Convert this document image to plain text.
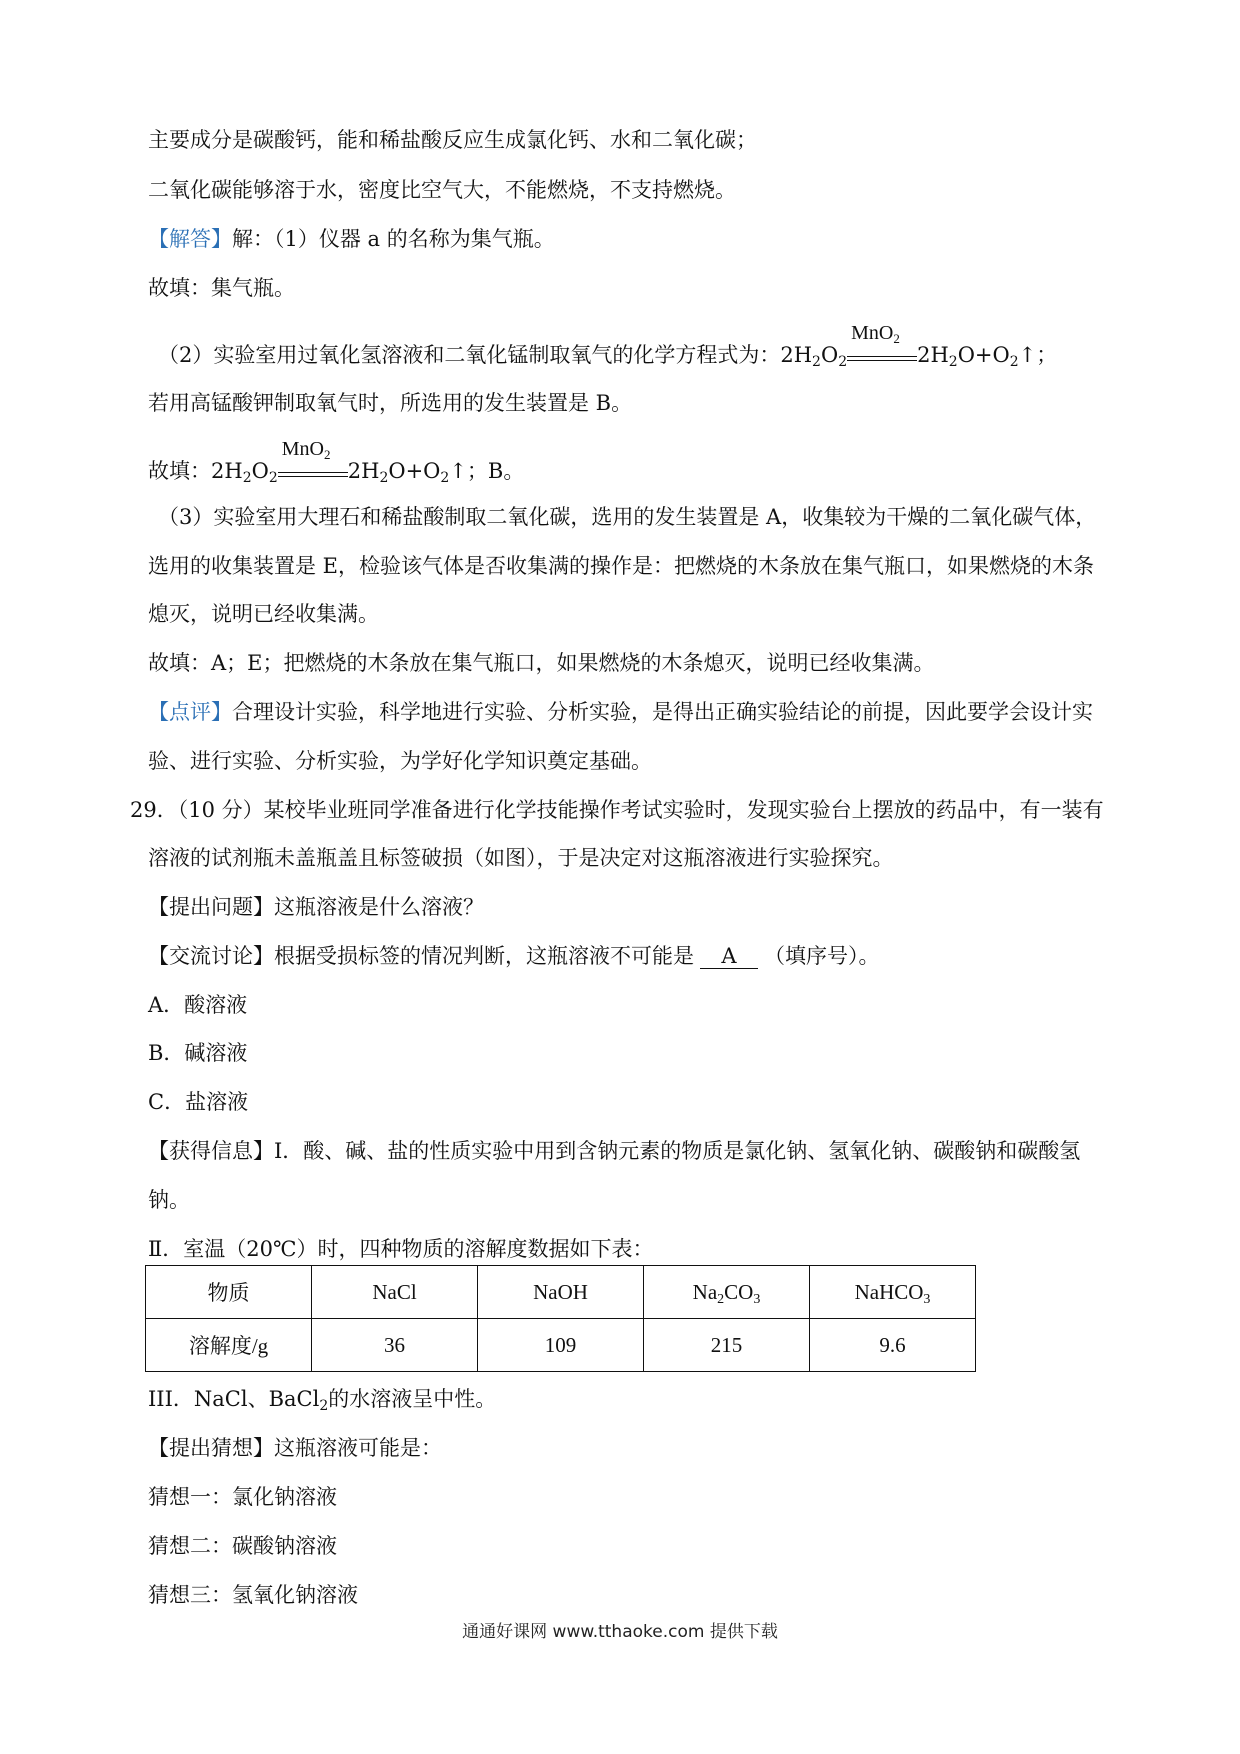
主要成分是碳酸钙，能和稀盐酸反应生成氯化钙、水和二氧化碳；
二氧化碳能够溶于水，密度比空气大，不能燃烧，不支持燃烧。
【解答】解：（1）仪器 a 的名称为集气瓶。
故填：集气瓶。
（2）实验室用过氧化氢溶液和二氧化锰制取氧气的化学方程式为：$2H_2O_2$
MnO$_2$
$2H_2O+O_2↑$；
若用高锰酸钾制取氧气时，所选用的发生装置是 B。
故填：$2H_2O_2$
MnO$_2$
$2H_2O+O_2↑$；B。
（3）实验室用大理石和稀盐酸制取二氧化碳，选用的发生装置是 A，收集较为干燥的二氧化碳气体，
选用的收集装置是 E，检验该气体是否收集满的操作是：把燃烧的木条放在集气瓶口，如果燃烧的木条
熄灭，说明已经收集满。
故填：A；E；把燃烧的木条放在集气瓶口，如果燃烧的木条熄灭，说明已经收集满。
【点评】合理设计实验，科学地进行实验、分析实验，是得出正确实验结论的前提，因此要学会设计实
验、进行实验、分析实验，为学好化学知识奠定基础。
29．（10 分）某校毕业班同学准备进行化学技能操作考试实验时，发现实验台上摆放的药品中，有一装有
溶液的试剂瓶未盖瓶盖且标签破损（如图），于是决定对这瓶溶液进行实验探究。
【提出问题】这瓶溶液是什么溶液？
【交流讨论】根据受损标签的情况判断，这瓶溶液不可能是 A （填序号）。
A．酸溶液
B．碱溶液
C．盐溶液
【获得信息】Ⅰ．酸、碱、盐的性质实验中用到含钠元素的物质是氯化钠、氢氧化钠、碳酸钠和碳酸氢
钠。
Ⅱ．室温（20℃）时，四种物质的溶解度数据如下表：
物质	NaCl	NaOH	$Na_2CO_3$	NaHCO$_3$
溶解度/g	36	109	215	9.6
III．NaCl、BaCl$_2$的水溶液呈中性。
【提出猜想】这瓶溶液可能是：
猜想一：氯化钠溶液
猜想二：碳酸钠溶液
猜想三：氢氧化钠溶液
通通好课网 www.tthaoke.com 提供下载
